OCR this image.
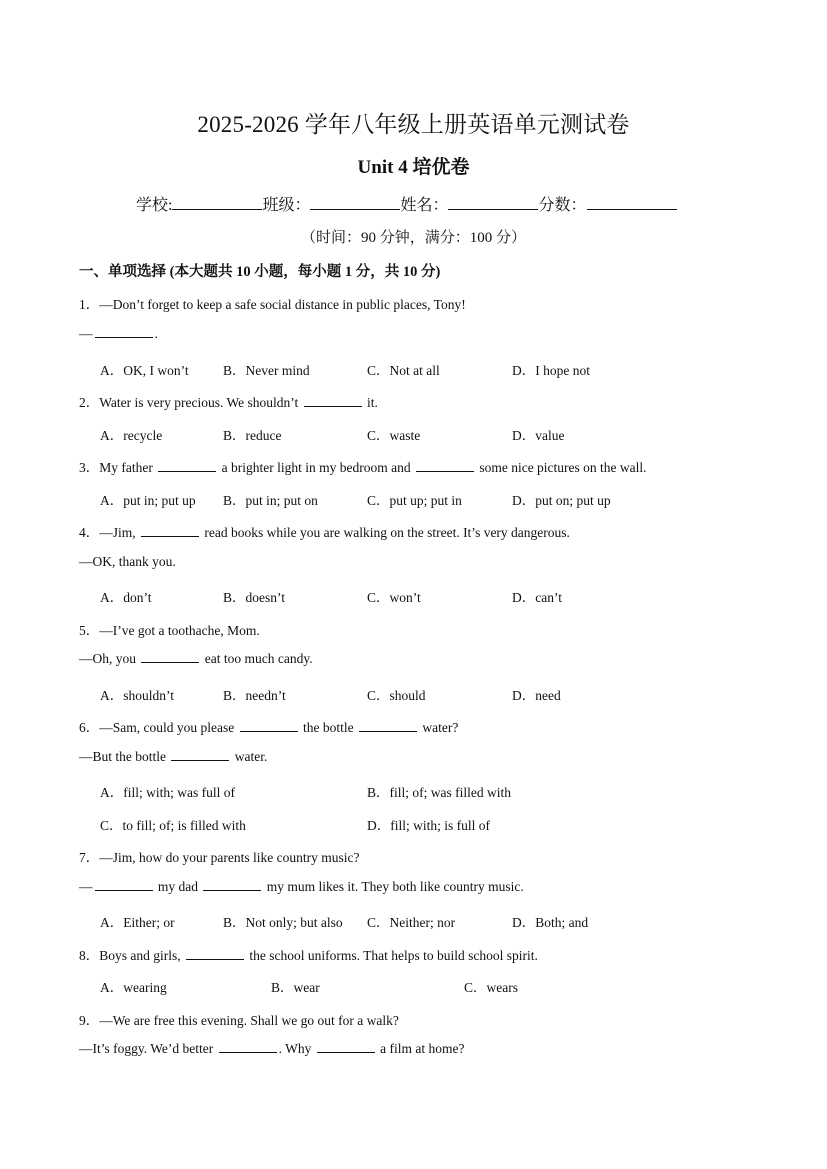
2025-2026 学年八年级上册英语单元测试卷
Unit 4 培优卷
学校:	班级：	姓名：	分数：
（时间：90 分钟，满分：100 分）
一、单项选择 (本大题共 10 小题，每小题 1 分，共 10 分)
1．—Don’t forget to keep a safe social distance in public places, Tony!
—	.
A．OK, I won’t	B．Never mind	C．Not at all	D．I hope not
2．Water is very precious. We shouldn’t	it.
A．recycle	B．reduce	C．waste	D．value
3．My father	a brighter light in my bedroom and	some nice pictures on the wall.
A．put in; put up B．put in; put on	C．put up; put in	D．put on; put up
4．—Jim,	read books while you are walking on the street. It’s very dangerous.
—OK, thank you.
A．don’t	B．doesn’t	C．won’t	D．can’t
5．—I’ve got a toothache, Mom.
—Oh, you	eat too much candy.
A．shouldn’t	B．needn’t	C．should	D．need
6．—Sam, could you please	the bottle	water?
—But the bottle	water.
A．fill; with; was full of	B．fill; of; was filled with
C．to fill; of; is filled with	D．fill; with; is full of
7．—Jim, how do your parents like country music?
—	my dad	my mum likes it. They both like country music.
A．Either; or	B．Not only; but also C．Neither; nor	D．Both; and
8．Boys and girls,	the school uniforms. That helps to build school spirit.
A．wearing	B．wear	C．wears
9．—We are free this evening. Shall we go out for a walk?
—It’s foggy. We’d better	. Why	a film at home?
